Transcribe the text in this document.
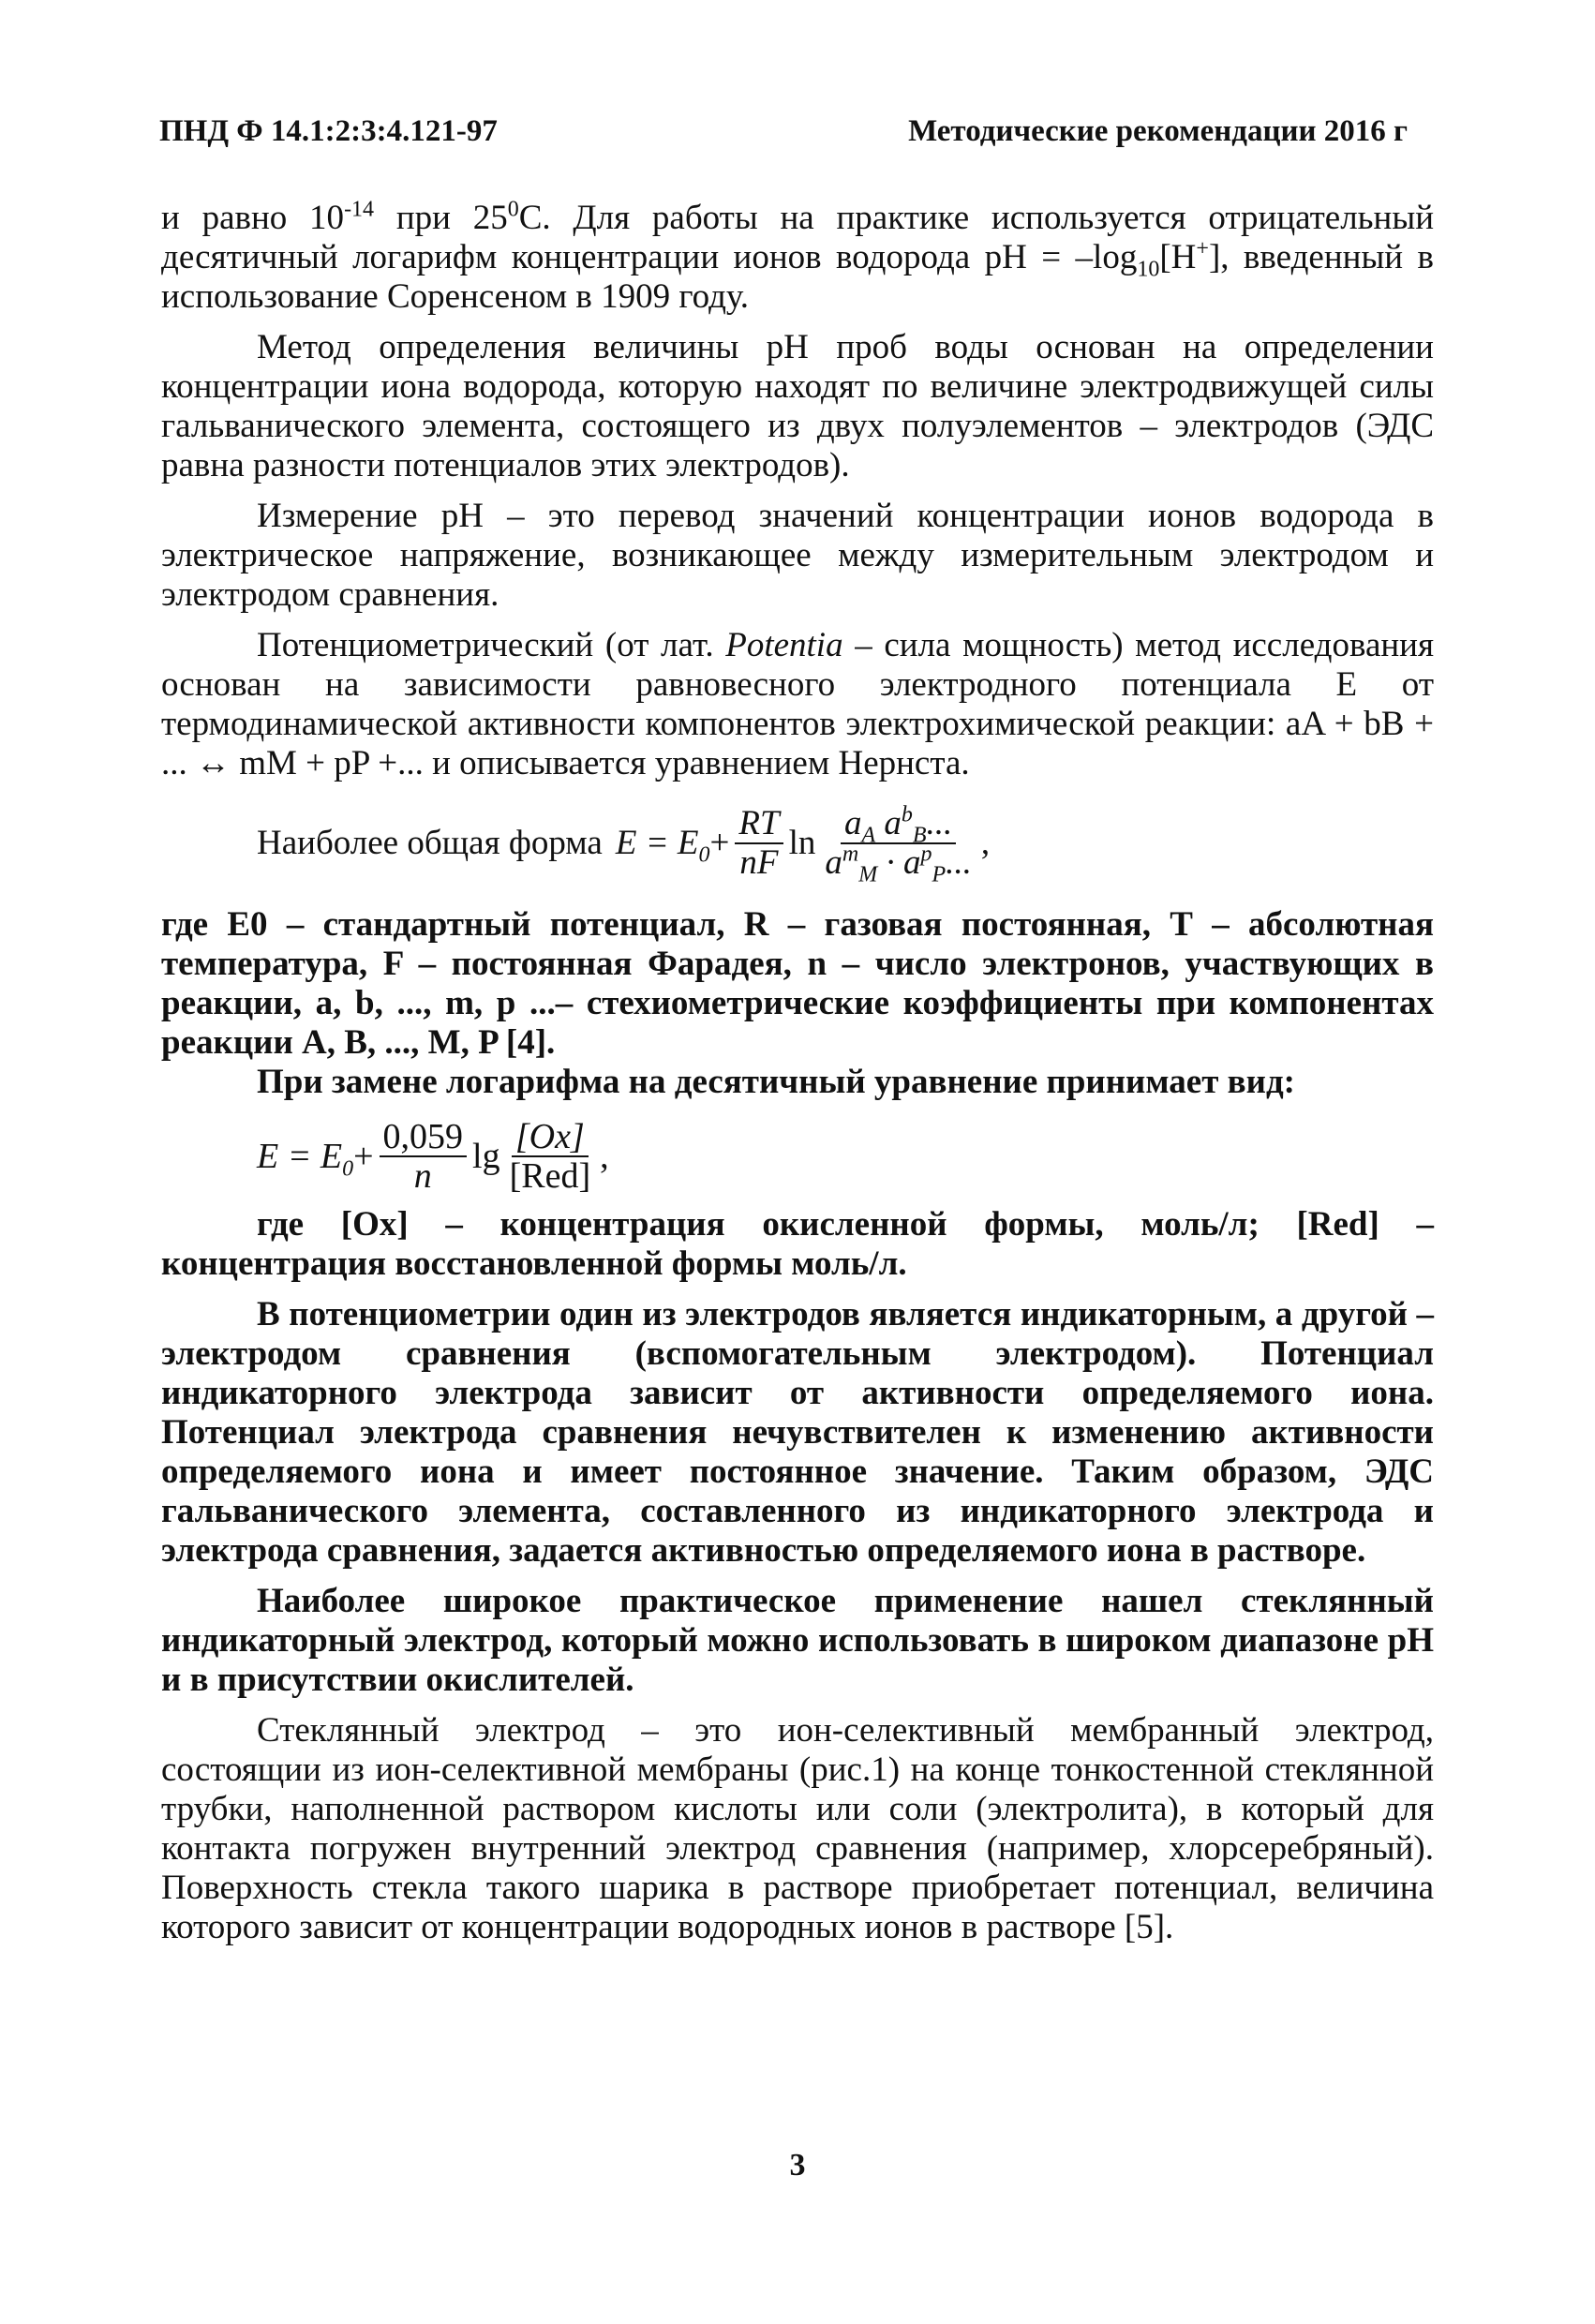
ПНД Ф 14.1:2:3:4.121-97	Методические рекомендации 2016 г

и равно $10^{-14}$ при $25^0С$. Для работы на практике используется отрицательный десятичный логарифм концентрации ионов водорода рН = $-\log_{10}[H^+]$, введенный в использование Соренсеном в 1909 году.

Метод определения величины рН проб воды основан на определении концентрации иона водорода, которую находят по величине электродвижущей силы гальванического элемента, состоящего из двух полуэлементов – электродов (ЭДС равна разности потенциалов этих электродов).

Измерение рН – это перевод значений концентрации ионов водорода в электрическое напряжение, возникающее между измерительным электродом и электродом сравнения.

Потенциометрический (от лат. Potentia – сила мощность) метод исследования основан на зависимости равновесного электродного потенциала Е от термодинамической активности компонентов электрохимической реакции: aA + bB + ... ↔ mM + pP +... и описывается уравнением Нернста.

Наиболее общая форма $E = E_0 + \frac{RT}{nF}$ $\ln \frac{a_A a^b_B...}{a^m_M \cdot a^p_P...}$ ,

где E0 – стандартный потенциал, R – газовая постоянная, Т – абсолютная температура, F – постоянная Фарадея, n – число электронов, участвующих в реакции, a, b, ..., m, p ...– стехиометрические коэффициенты при компонентах реакции A, B, ..., M, P [4].

При замене логарифма на десятичный уравнение принимает вид:

$E = E_0 + \frac{0,059}{n}$ $\lg \frac{[Ox]}{\text{[Red]}}$ ,

где [Ox] – концентрация окисленной формы, моль/л; [Red] – концентрация восстановленной формы моль/л.

В потенциометрии один из электродов является индикаторным, а другой – электродом сравнения (вспомогательным электродом). Потенциал индикаторного электрода зависит от активности определяемого иона. Потенциал электрода сравнения нечувствителен к изменению активности определяемого иона и имеет постоянное значение. Таким образом, ЭДС гальванического элемента, составленного из индикаторного электрода и электрода сравнения, задается активностью определяемого иона в растворе.

Наиболее широкое практическое применение нашел стеклянный индикаторный электрод, который можно использовать в широком диапазоне рН и в присутствии окислителей.

Стеклянный электрод – это ион-селективный мембранный электрод, состоящии из ион-селективной мембраны (рис.1) на конце тонкостенной стеклянной трубки, наполненной раствором кислоты или соли (электролита), в который для контакта погружен внутренний электрод сравнения (например, хлорсеребряный). Поверхность стекла такого шарика в растворе приобретает потенциал, величина которого зависит от концентрации водородных ионов в растворе [5].

3
